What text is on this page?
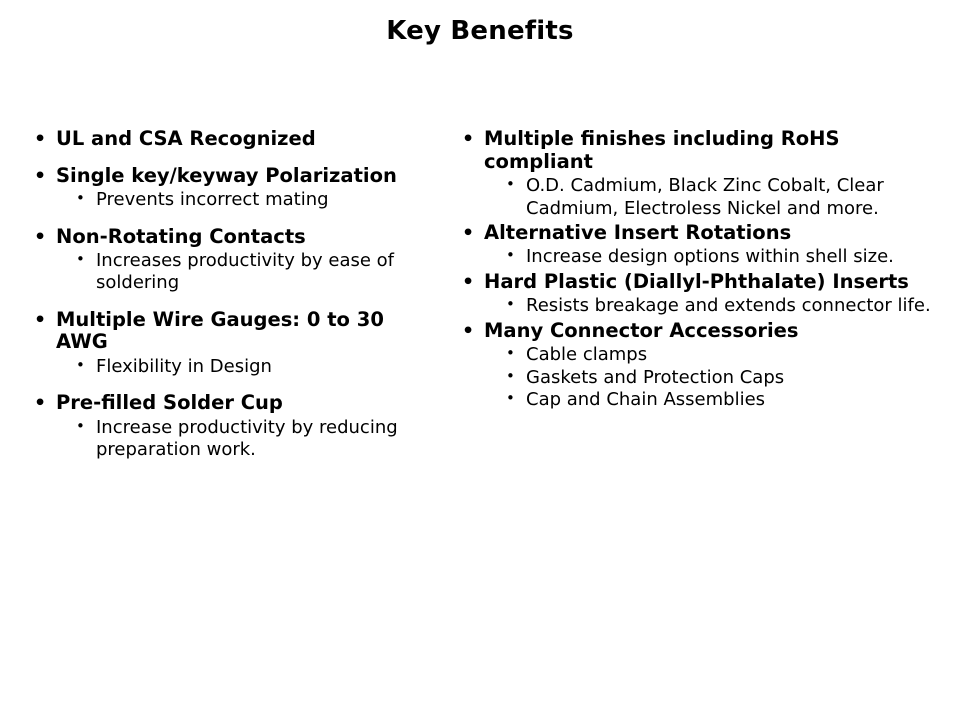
Key Benefits
• UL and CSA Recognized
• Single key/keyway Polarization
• Prevents incorrect mating
• Non-Rotating Contacts
• Increases productivity by ease of soldering
• Multiple Wire Gauges: 0 to 30 AWG
• Flexibility in Design
• Pre-filled Solder Cup
• Increase productivity by reducing preparation work.
• Multiple finishes including RoHS compliant
• O.D. Cadmium, Black Zinc Cobalt, Clear Cadmium, Electroless Nickel and more.
• Alternative Insert Rotations
• Increase design options within shell size.
• Hard Plastic (Diallyl-Phthalate) Inserts
• Resists breakage and extends connector life.
• Many Connector Accessories
• Cable clamps
• Gaskets and Protection Caps
• Cap and Chain Assemblies
